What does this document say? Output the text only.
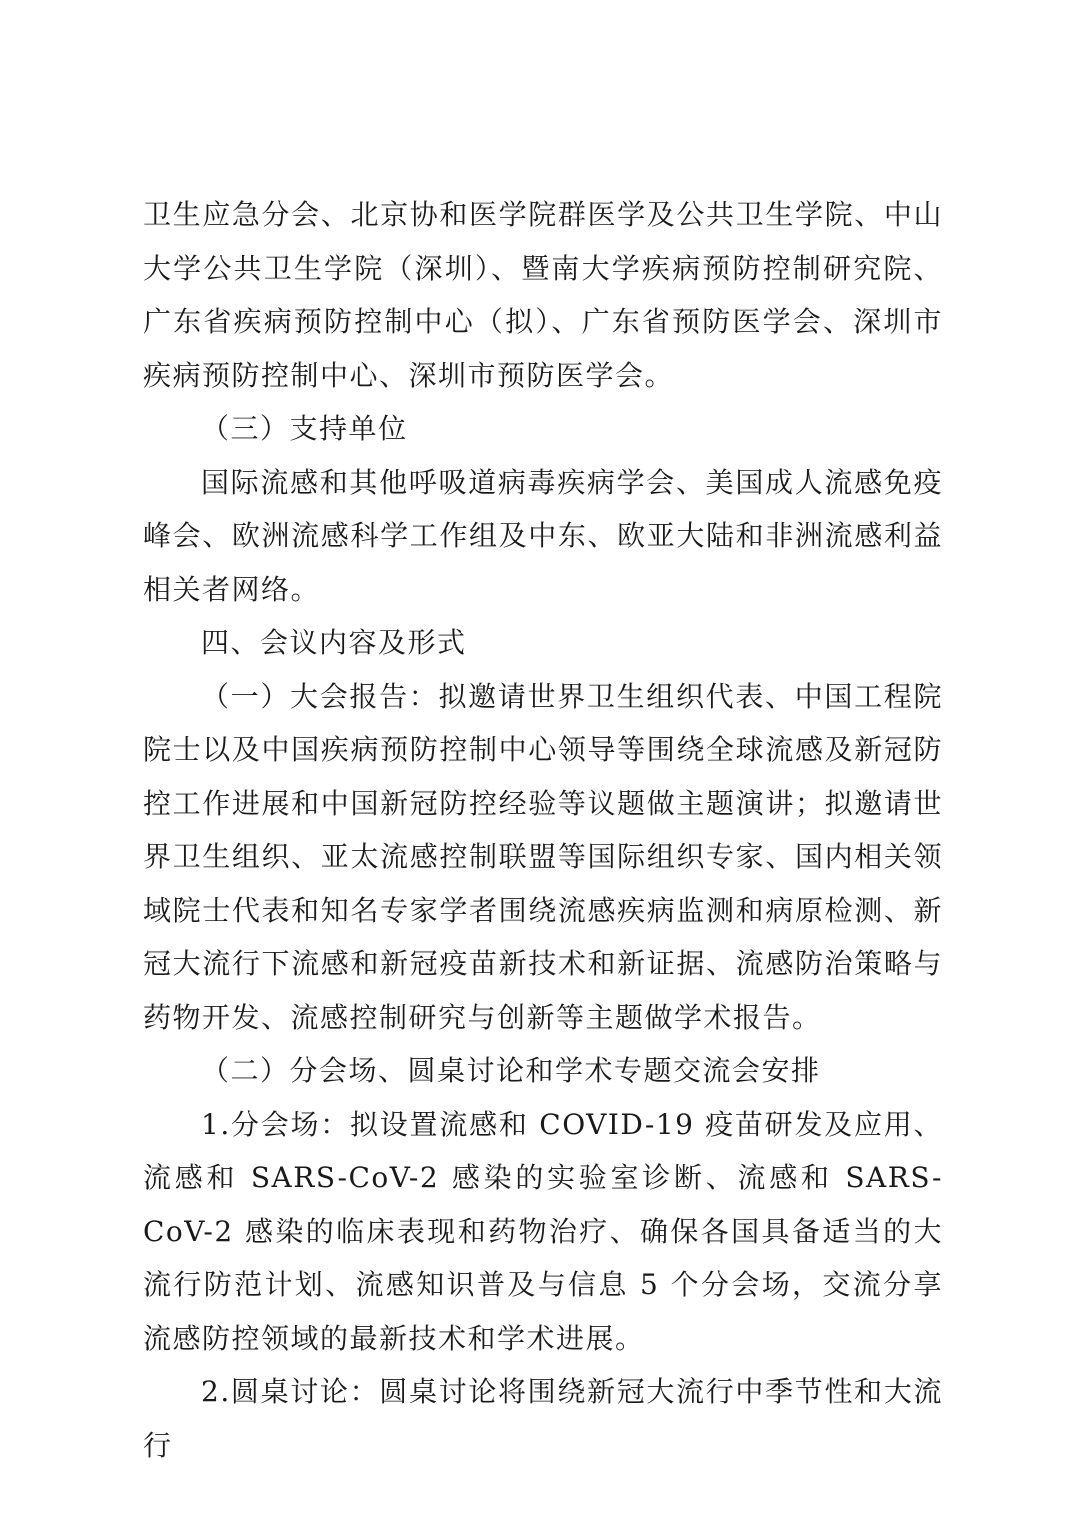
卫生应急分会、北京协和医学院群医学及公共卫生学院、中山大学公共卫生学院（深圳）、暨南大学疾病预防控制研究院、广东省疾病预防控制中心（拟）、广东省预防医学会、深圳市疾病预防控制中心、深圳市预防医学会。

（三）支持单位

国际流感和其他呼吸道病毒疾病学会、美国成人流感免疫峰会、欧洲流感科学工作组及中东、欧亚大陆和非洲流感利益相关者网络。

四、会议内容及形式

（一）大会报告：拟邀请世界卫生组织代表、中国工程院院士以及中国疾病预防控制中心领导等围绕全球流感及新冠防控工作进展和中国新冠防控经验等议题做主题演讲；拟邀请世界卫生组织、亚太流感控制联盟等国际组织专家、国内相关领域院士代表和知名专家学者围绕流感疾病监测和病原检测、新冠大流行下流感和新冠疫苗新技术和新证据、流感防治策略与药物开发、流感控制研究与创新等主题做学术报告。

（二）分会场、圆桌讨论和学术专题交流会安排

1.分会场：拟设置流感和 COVID-19 疫苗研发及应用、流感和 SARS-CoV-2 感染的实验室诊断、流感和 SARS-CoV-2 感染的临床表现和药物治疗、确保各国具备适当的大流行防范计划、流感知识普及与信息 5 个分会场，交流分享流感防控领域的最新技术和学术进展。

2.圆桌讨论：圆桌讨论将围绕新冠大流行中季节性和大流行
